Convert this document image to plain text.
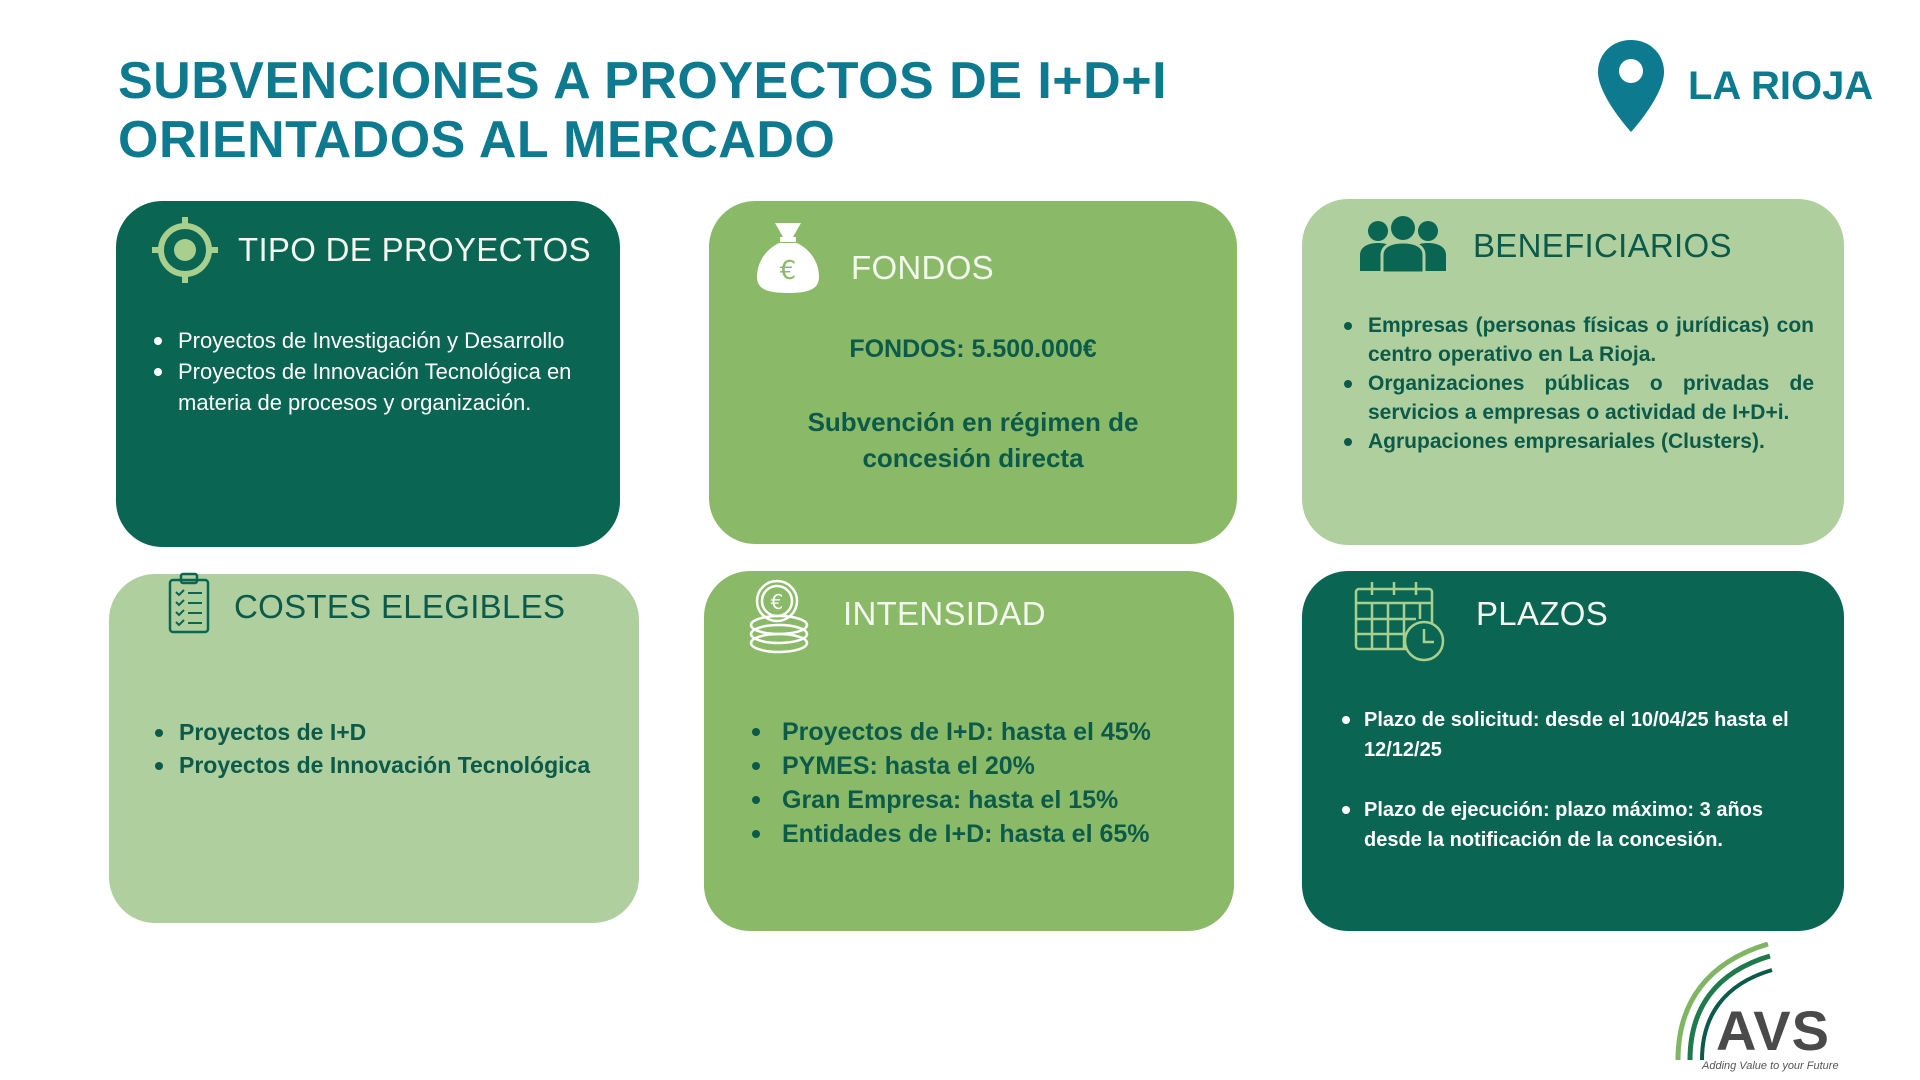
SUBVENCIONES A PROYECTOS DE I+D+I
ORIENTADOS AL MERCADO
LA RIOJA
TIPO DE PROYECTOS
Proyectos de Investigación y Desarrollo
Proyectos de Innovación Tecnológica en materia de procesos y organización.
€ FONDOS
FONDOS: 5.500.000€
Subvención en régimen de
concesión directa
BENEFICIARIOS
Empresas (personas físicas o jurídicas) con centro operativo en La Rioja.
Organizaciones públicas o privadas de servicios a empresas o actividad de I+D+i.
Agrupaciones empresariales (Clusters).
COSTES ELEGIBLES
Proyectos de I+D
Proyectos de Innovación Tecnológica
€ INTENSIDAD
Proyectos de I+D: hasta el 45%
PYMES: hasta el 20%
Gran Empresa: hasta el 15%
Entidades de I+D: hasta el 65%
PLAZOS
Plazo de solicitud: desde el 10/04/25 hasta el 12/12/25
Plazo de ejecución: plazo máximo: 3 años desde la notificación de la concesión.
AVS
Adding Value to your Future
